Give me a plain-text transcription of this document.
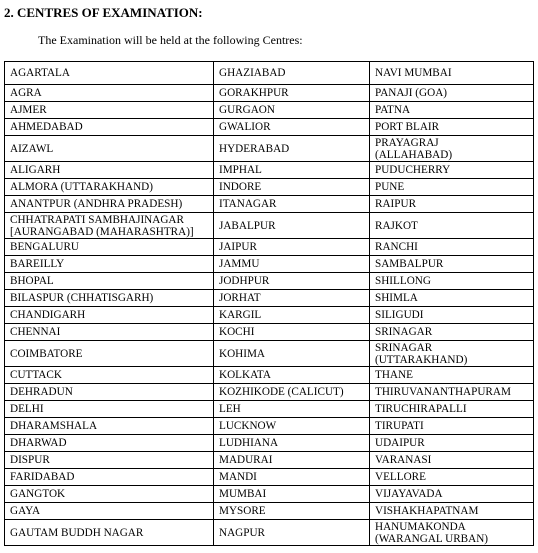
2. CENTRES OF EXAMINATION:
The Examination will be held at the following Centres:
AGARTALA	GHAZIABAD	NAVI MUMBAI

AGRA	GORAKHPUR	PANAJI (GOA)

AJMER	GURGAON	PATNA

AHMEDABAD	GWALIOR	PORT BLAIR

AIZAWL	HYDERABAD	PRAYAGRAJ
(ALLAHABAD)

ALIGARH	IMPHAL	PUDUCHERRY

ALMORA (UTTARAKHAND)	INDORE	PUNE

ANANTPUR (ANDHRA PRADESH)	ITANAGAR	RAIPUR

CHHATRAPATI SAMBHAJINAGAR
[AURANGABAD (MAHARASHTRA)]	JABALPUR	RAJKOT

BENGALURU	JAIPUR	RANCHI

BAREILLY	JAMMU	SAMBALPUR

BHOPAL	JODHPUR	SHILLONG

BILASPUR (CHHATISGARH)	JORHAT	SHIMLA

CHANDIGARH	KARGIL	SILIGUDI

CHENNAI	KOCHI	SRINAGAR

COIMBATORE	KOHIMA	SRINAGAR
(UTTARAKHAND)

CUTTACK	KOLKATA	THANE

DEHRADUN	KOZHIKODE (CALICUT)	THIRUVANANTHAPURAM

DELHI	LEH	TIRUCHIRAPALLI

DHARAMSHALA	LUCKNOW	TIRUPATI

DHARWAD	LUDHIANA	UDAIPUR

DISPUR	MADURAI	VARANASI

FARIDABAD	MANDI	VELLORE

GANGTOK	MUMBAI	VIJAYAVADA

GAYA	MYSORE	VISHAKHAPATNAM

GAUTAM BUDDH NAGAR	NAGPUR	HANUMAKONDA
(WARANGAL URBAN)
